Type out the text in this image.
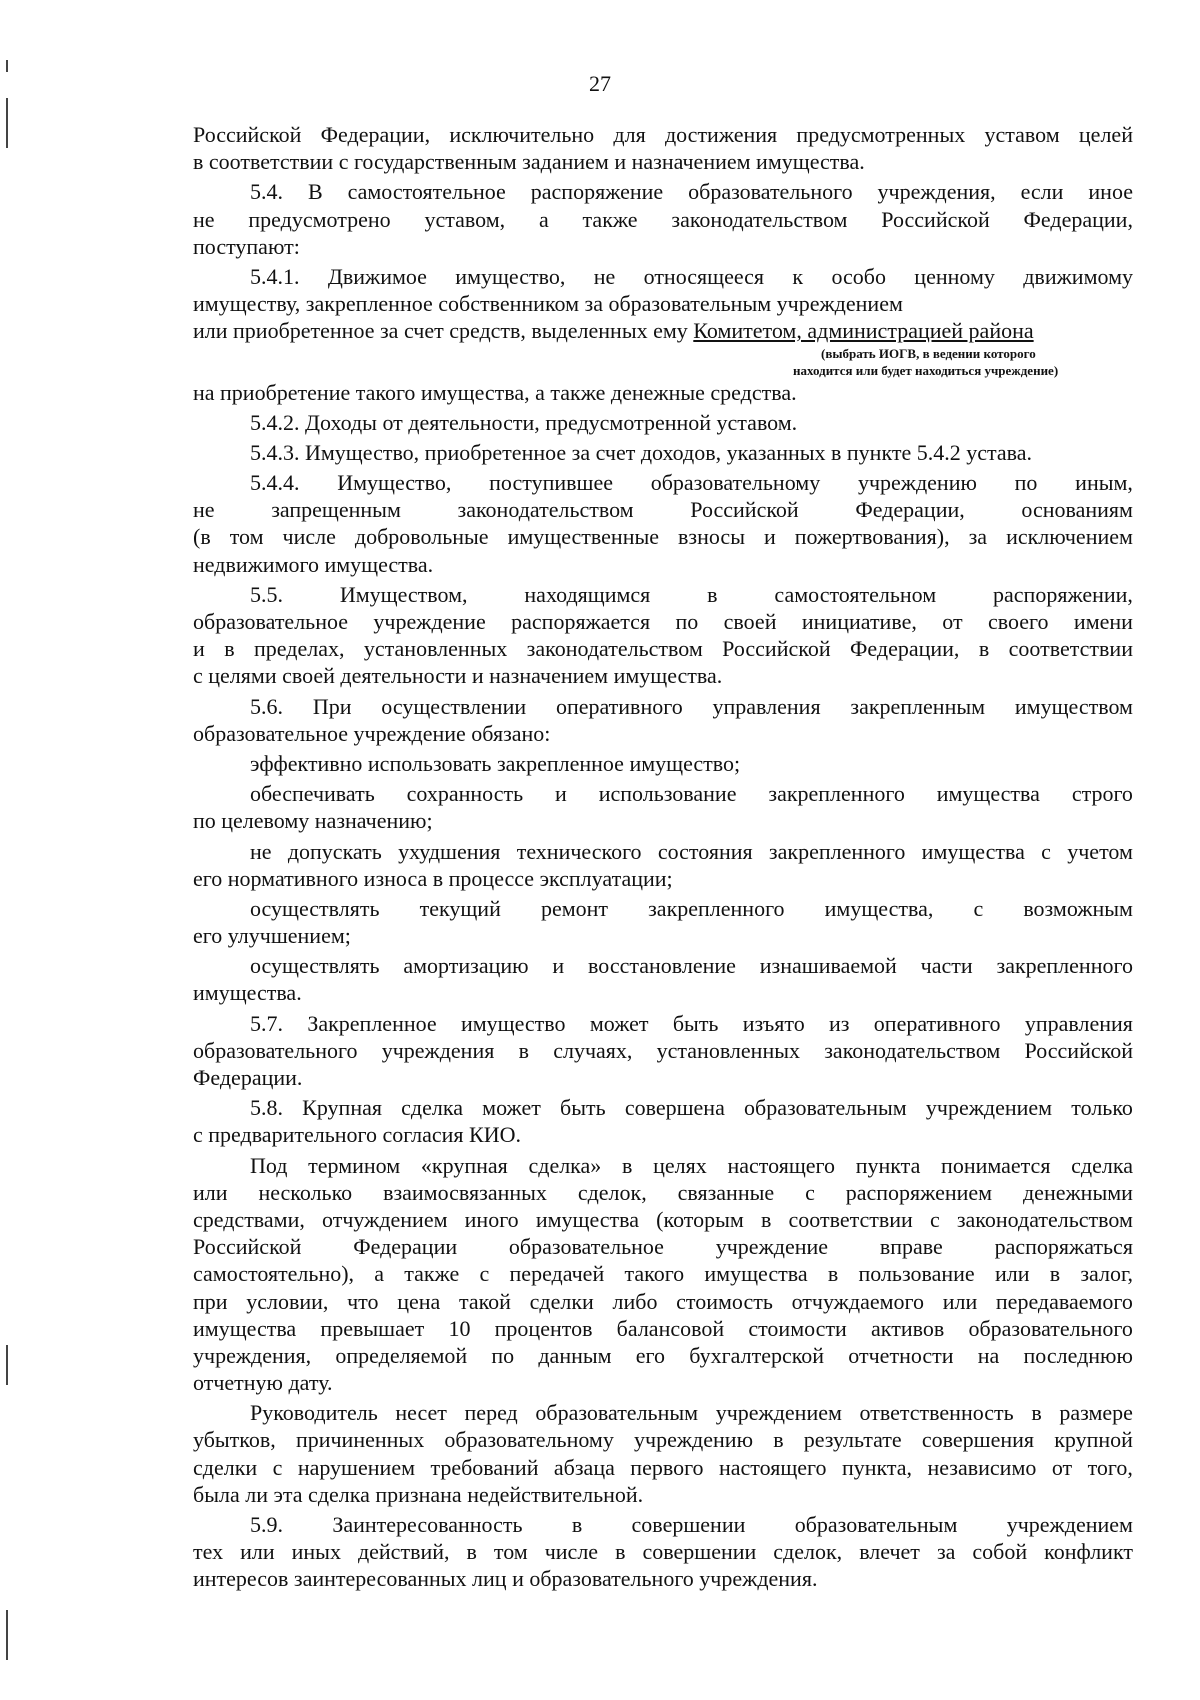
27
Российской Федерации, исключительно для достижения предусмотренных уставом целей
в соответствии с государственным заданием и назначением имущества.
5.4. В самостоятельное распоряжение образовательного учреждения, если иное
не предусмотрено уставом, а также законодательством Российской Федерации,
поступают:
5.4.1. Движимое имущество, не относящееся к особо ценному движимому
имуществу, закрепленное собственником за образовательным учреждением
или приобретенное за счет средств, выделенных ему Комитетом, администрацией района
(выбрать ИОГВ, в ведении которого
находится или будет находиться учреждение)
на приобретение такого имущества, а также денежные средства.
5.4.2. Доходы от деятельности, предусмотренной уставом.
5.4.3. Имущество, приобретенное за счет доходов, указанных в пункте 5.4.2 устава.
5.4.4. Имущество, поступившее образовательному учреждению по иным,
не	запрещенным	законодательством	Российской	Федерации,	основаниям
(в том числе добровольные имущественные взносы и пожертвования), за исключением
недвижимого имущества.
5.5.	Имуществом,	находящимся	в	самостоятельном	распоряжении,
образовательное учреждение распоряжается по своей инициативе, от своего имени
и в пределах, установленных законодательством Российской Федерации, в соответствии
с целями своей деятельности и назначением имущества.
5.6. При осуществлении оперативного управления закрепленным имуществом
образовательное учреждение обязано:
эффективно использовать закрепленное имущество;
обеспечивать сохранность и использование закрепленного имущества строго
по целевому назначению;
не допускать ухудшения технического состояния закрепленного имущества с учетом
его нормативного износа в процессе эксплуатации;
осуществлять текущий ремонт закрепленного имущества, с возможным
его улучшением;
осуществлять амортизацию и восстановление изнашиваемой части закрепленного
имущества.
5.7. Закрепленное имущество может быть изъято из оперативного управления
образовательного учреждения в случаях, установленных законодательством Российской
Федерации.
5.8. Крупная сделка может быть совершена образовательным учреждением только
с предварительного согласия КИО.
Под термином «крупная сделка» в целях настоящего пункта понимается сделка
или несколько взаимосвязанных сделок, связанные с распоряжением денежными
средствами, отчуждением иного имущества (которым в соответствии с законодательством
Российской Федерации образовательное учреждение вправе распоряжаться
самостоятельно), а также с передачей такого имущества в пользование или в залог,
при условии, что цена такой сделки либо стоимость отчуждаемого или передаваемого
имущества превышает 10 процентов балансовой стоимости активов образовательного
учреждения, определяемой по данным его бухгалтерской отчетности на последнюю
отчетную дату.
Руководитель несет перед образовательным учреждением ответственность в размере
убытков, причиненных образовательному учреждению в результате совершения крупной
сделки с нарушением требований абзаца первого настоящего пункта, независимо от того,
была ли эта сделка признана недействительной.
5.9. Заинтересованность в совершении образовательным учреждением
тех или иных действий, в том числе в совершении сделок, влечет за собой конфликт
интересов заинтересованных лиц и образовательного учреждения.
